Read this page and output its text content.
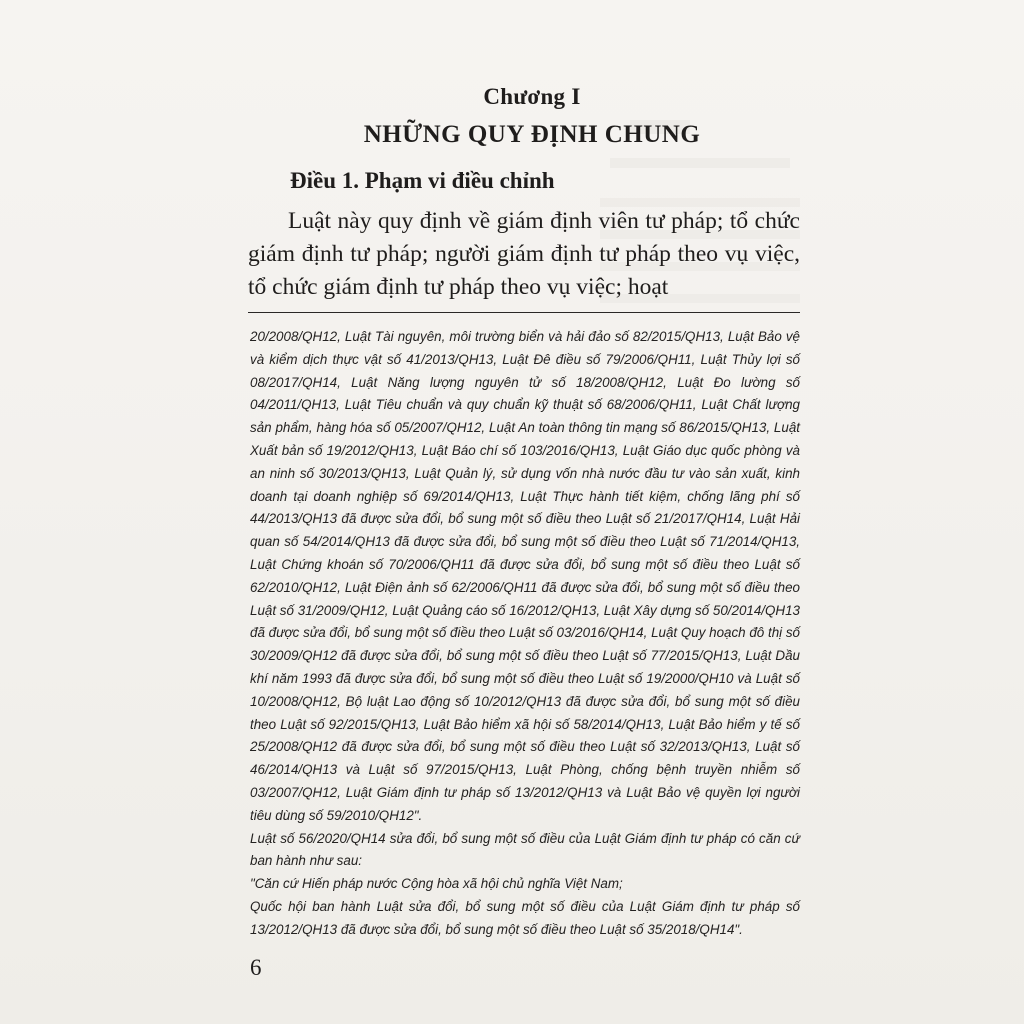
Chương I
NHỮNG QUY ĐỊNH CHUNG
Điều 1. Phạm vi điều chỉnh

Luật này quy định về giám định viên tư pháp; tổ chức giám định tư pháp; người giám định tư pháp theo vụ việc, tổ chức giám định tư pháp theo vụ việc; hoạt

20/2008/QH12, Luật Tài nguyên, môi trường biển và hải đảo số 82/2015/QH13, Luật Bảo vệ và kiểm dịch thực vật số 41/2013/QH13, Luật Đê điều số 79/2006/QH11, Luật Thủy lợi số 08/2017/QH14, Luật Năng lượng nguyên tử số 18/2008/QH12, Luật Đo lường số 04/2011/QH13, Luật Tiêu chuẩn và quy chuẩn kỹ thuật số 68/2006/QH11, Luật Chất lượng sản phẩm, hàng hóa số 05/2007/QH12, Luật An toàn thông tin mạng số 86/2015/QH13, Luật Xuất bản số 19/2012/QH13, Luật Báo chí số 103/2016/QH13, Luật Giáo dục quốc phòng và an ninh số 30/2013/QH13, Luật Quản lý, sử dụng vốn nhà nước đầu tư vào sản xuất, kinh doanh tại doanh nghiệp số 69/2014/QH13, Luật Thực hành tiết kiệm, chống lãng phí số 44/2013/QH13 đã được sửa đổi, bổ sung một số điều theo Luật số 21/2017/QH14, Luật Hải quan số 54/2014/QH13 đã được sửa đổi, bổ sung một số điều theo Luật số 71/2014/QH13, Luật Chứng khoán số 70/2006/QH11 đã được sửa đổi, bổ sung một số điều theo Luật số 62/2010/QH12, Luật Điện ảnh số 62/2006/QH11 đã được sửa đổi, bổ sung một số điều theo Luật số 31/2009/QH12, Luật Quảng cáo số 16/2012/QH13, Luật Xây dựng số 50/2014/QH13 đã được sửa đổi, bổ sung một số điều theo Luật số 03/2016/QH14, Luật Quy hoạch đô thị số 30/2009/QH12 đã được sửa đổi, bổ sung một số điều theo Luật số 77/2015/QH13, Luật Dầu khí năm 1993 đã được sửa đổi, bổ sung một số điều theo Luật số 19/2000/QH10 và Luật số 10/2008/QH12, Bộ luật Lao động số 10/2012/QH13 đã được sửa đổi, bổ sung một số điều theo Luật số 92/2015/QH13, Luật Bảo hiểm xã hội số 58/2014/QH13, Luật Bảo hiểm y tế số 25/2008/QH12 đã được sửa đổi, bổ sung một số điều theo Luật số 32/2013/QH13, Luật số 46/2014/QH13 và Luật số 97/2015/QH13, Luật Phòng, chống bệnh truyền nhiễm số 03/2007/QH12, Luật Giám định tư pháp số 13/2012/QH13 và Luật Bảo vệ quyền lợi người tiêu dùng số 59/2010/QH12".

Luật số 56/2020/QH14 sửa đổi, bổ sung một số điều của Luật Giám định tư pháp có căn cứ ban hành như sau:

"Căn cứ Hiến pháp nước Cộng hòa xã hội chủ nghĩa Việt Nam;

Quốc hội ban hành Luật sửa đổi, bổ sung một số điều của Luật Giám định tư pháp số 13/2012/QH13 đã được sửa đổi, bổ sung một số điều theo Luật số 35/2018/QH14".

6
